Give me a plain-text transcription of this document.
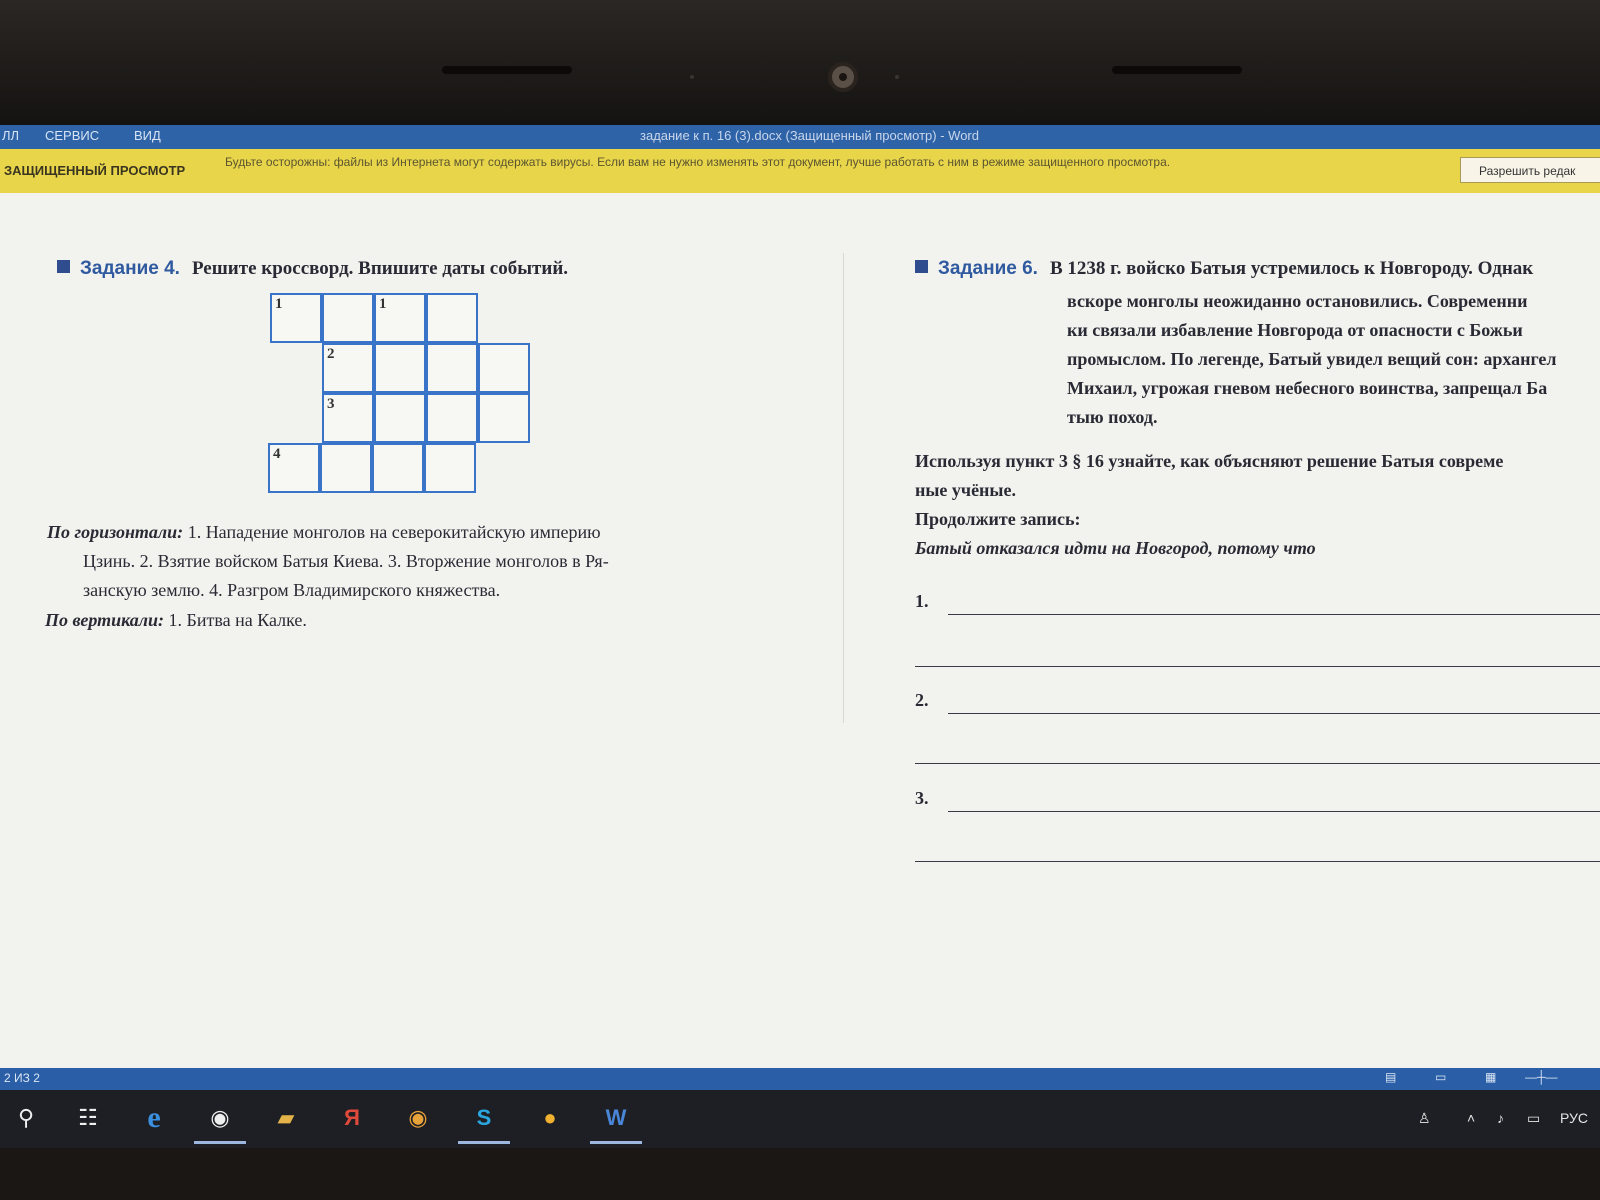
ЛЛ СЕРВИС	ВИД	задание к п. 16 (3).docx (Защищенный просмотр) - Word
ЗАЩИЩЕННЫЙ ПРОСМОТР
Будьте осторожны: файлы из Интернета могут содержать вирусы. Если вам не нужно изменять этот документ, лучше работать с ним в режиме защищенного просмотра.
Разрешить редак
Задание 4. Решите кроссворд. Впишите даты событий.
1	1
2
3
4
По горизонтали: 1. Нападение монголов на северокитайскую империю
Цзинь. 2. Взятие войском Батыя Киева. 3. Вторжение монголов в Ря-
занскую землю. 4. Разгром Владимирского княжества.
По вертикали: 1. Битва на Калке.
Задание 6. В 1238 г. войско Батыя устремилось к Новгороду. Однак
вскоре монголы неожиданно остановились. Современни
ки связали избавление Новгорода от опасности с Божьи
промыслом. По легенде, Батый увидел вещий сон: архангел
Михаил, угрожая гневом небесного воинства, запрещал Ба
тыю поход.
Используя пункт 3 § 16 узнайте, как объясняют решение Батыя совреме
ные учёные.
Продолжите запись:
Батый отказался идти на Новгород, потому что
1.
2.
3.
2 ИЗ 2	▤	▭	▦ —┼—
⚲	☷	e	◉	▰	Я	◉	S	●	W	♙	˄ ♪ ▭ РУС
